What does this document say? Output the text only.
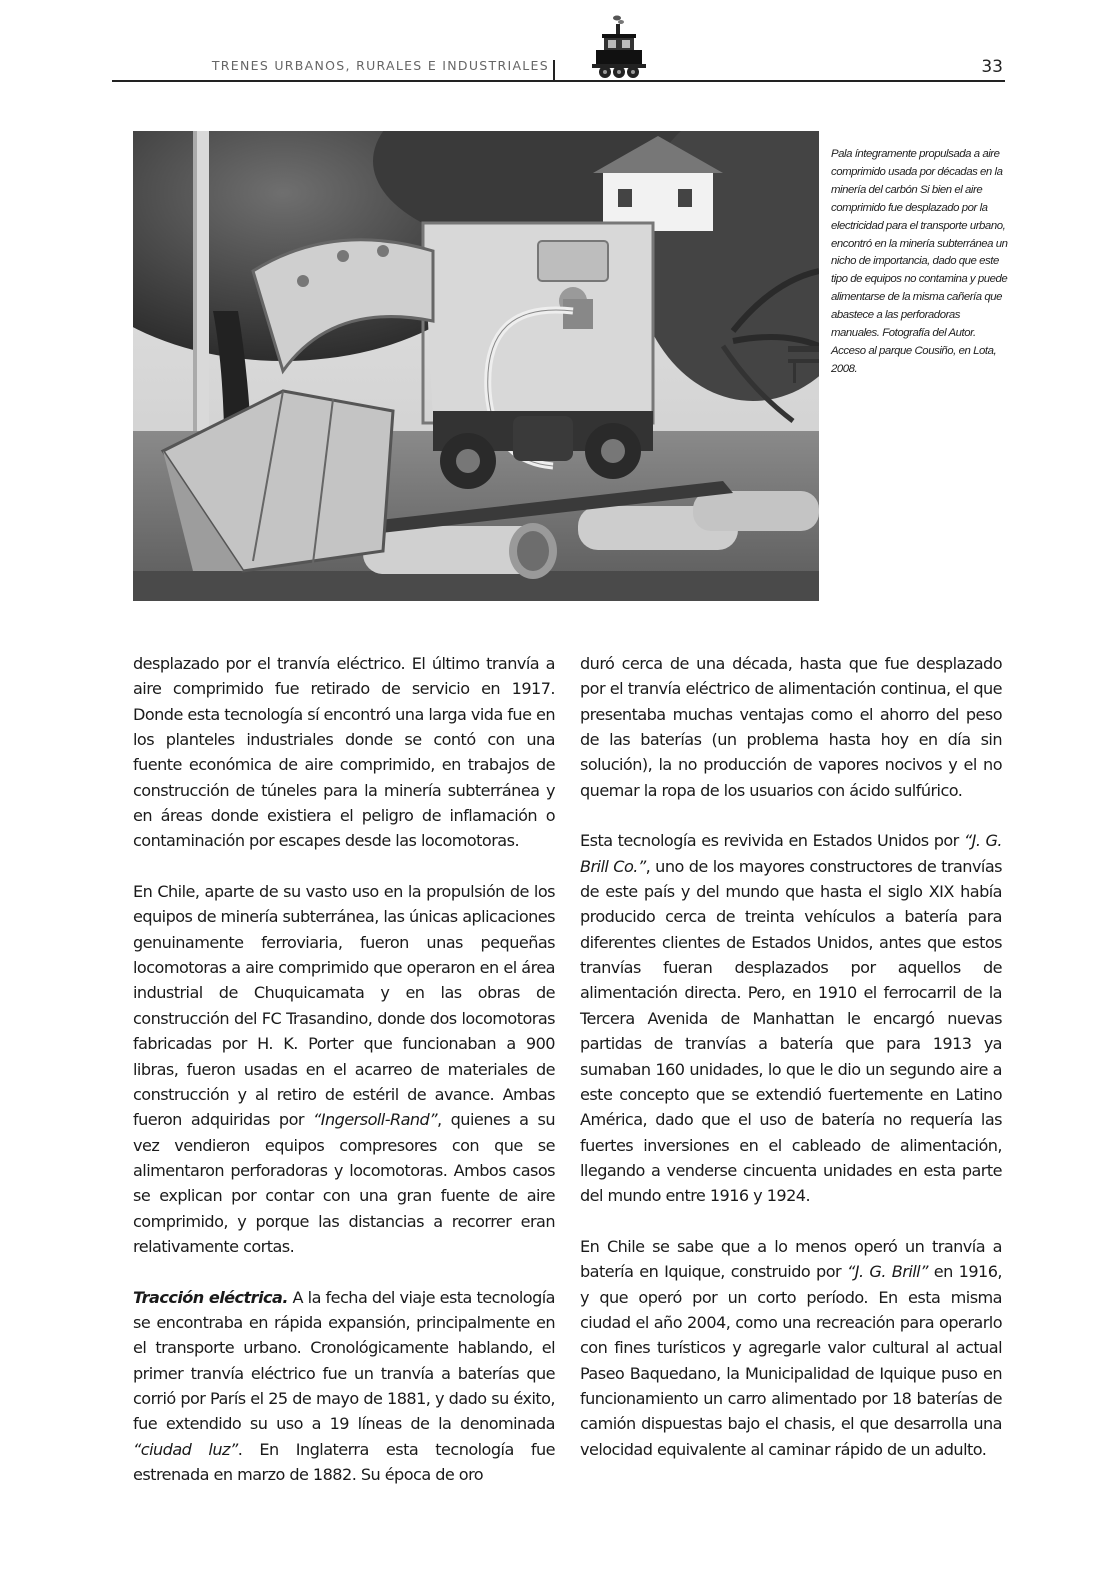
TRENES URBANOS, RURALES E INDUSTRIALES	33
Pala íntegramente propulsada a aire comprimido usada por décadas en la minería del carbón Si bien el aire comprimido fue desplazado por la electricidad para el transporte urbano, encontró en la minería subterránea un nicho de importancia, dado que este tipo de equipos no contamina y puede alimentarse de la misma cañería que abastece a las perforadoras manuales. Fotografía del Autor. Acceso al parque Cousiño, en Lota, 2008.

desplazado por el tranvía eléctrico. El último tranvía a aire comprimido fue retirado de servicio en 1917. Donde esta tecnología sí encontró una larga vida fue en los planteles industriales donde se contó con una fuente económica de aire comprimido, en trabajos de construcción de túneles para la minería subterránea y en áreas donde existiera el peligro de inflamación o contaminación por escapes desde las locomotoras.

En Chile, aparte de su vasto uso en la propulsión de los equipos de minería subterránea, las únicas aplicaciones genuinamente ferroviaria, fueron unas pequeñas locomotoras a aire comprimido que operaron en el área industrial de Chuquicamata y en las obras de construcción del FC Trasandino, donde dos locomotoras fabricadas por H. K. Porter que funcionaban a 900 libras, fueron usadas en el acarreo de materiales de construcción y al retiro de estéril de avance. Ambas fueron adquiridas por “Ingersoll-Rand”, quienes a su vez vendieron equipos compresores con que se alimentaron perforadoras y locomotoras. Ambos casos se explican por contar con una gran fuente de aire comprimido, y porque las distancias a recorrer eran relativamente cortas.

Tracción eléctrica. A la fecha del viaje esta tecnología se encontraba en rápida expansión, principalmente en el transporte urbano. Cronológicamente hablando, el primer tranvía eléctrico fue un tranvía a baterías que corrió por París el 25 de mayo de 1881, y dado su éxito, fue extendido su uso a 19 líneas de la denominada “ciudad luz”. En Inglaterra esta tecnología fue estrenada en marzo de 1882. Su época de oro

duró cerca de una década, hasta que fue desplazado por el tranvía eléctrico de alimentación continua, el que presentaba muchas ventajas como el ahorro del peso de las baterías (un problema hasta hoy en día sin solución), la no producción de vapores nocivos y el no quemar la ropa de los usuarios con ácido sulfúrico.

Esta tecnología es revivida en Estados Unidos por “J. G. Brill Co.”, uno de los mayores constructores de tranvías de este país y del mundo que hasta el siglo XIX había producido cerca de treinta vehículos a batería para diferentes clientes de Estados Unidos, antes que estos tranvías fueran desplazados por aquellos de alimentación directa. Pero, en 1910 el ferrocarril de la Tercera Avenida de Manhattan le encargó nuevas partidas de tranvías a batería que para 1913 ya sumaban 160 unidades, lo que le dio un segundo aire a este concepto que se extendió fuertemente en Latino América, dado que el uso de batería no requería las fuertes inversiones en el cableado de alimentación, llegando a venderse cincuenta unidades en esta parte del mundo entre 1916 y 1924.

En Chile se sabe que a lo menos operó un tranvía a batería en Iquique, construido por “J. G. Brill” en 1916, y que operó por un corto período. En esta misma ciudad el año 2004, como una recreación para operarlo con fines turísticos y agregarle valor cultural al actual Paseo Baquedano, la Municipalidad de Iquique puso en funcionamiento un carro alimentado por 18 baterías de camión dispuestas bajo el chasis, el que desarrolla una velocidad equivalente al caminar rápido de un adulto.
